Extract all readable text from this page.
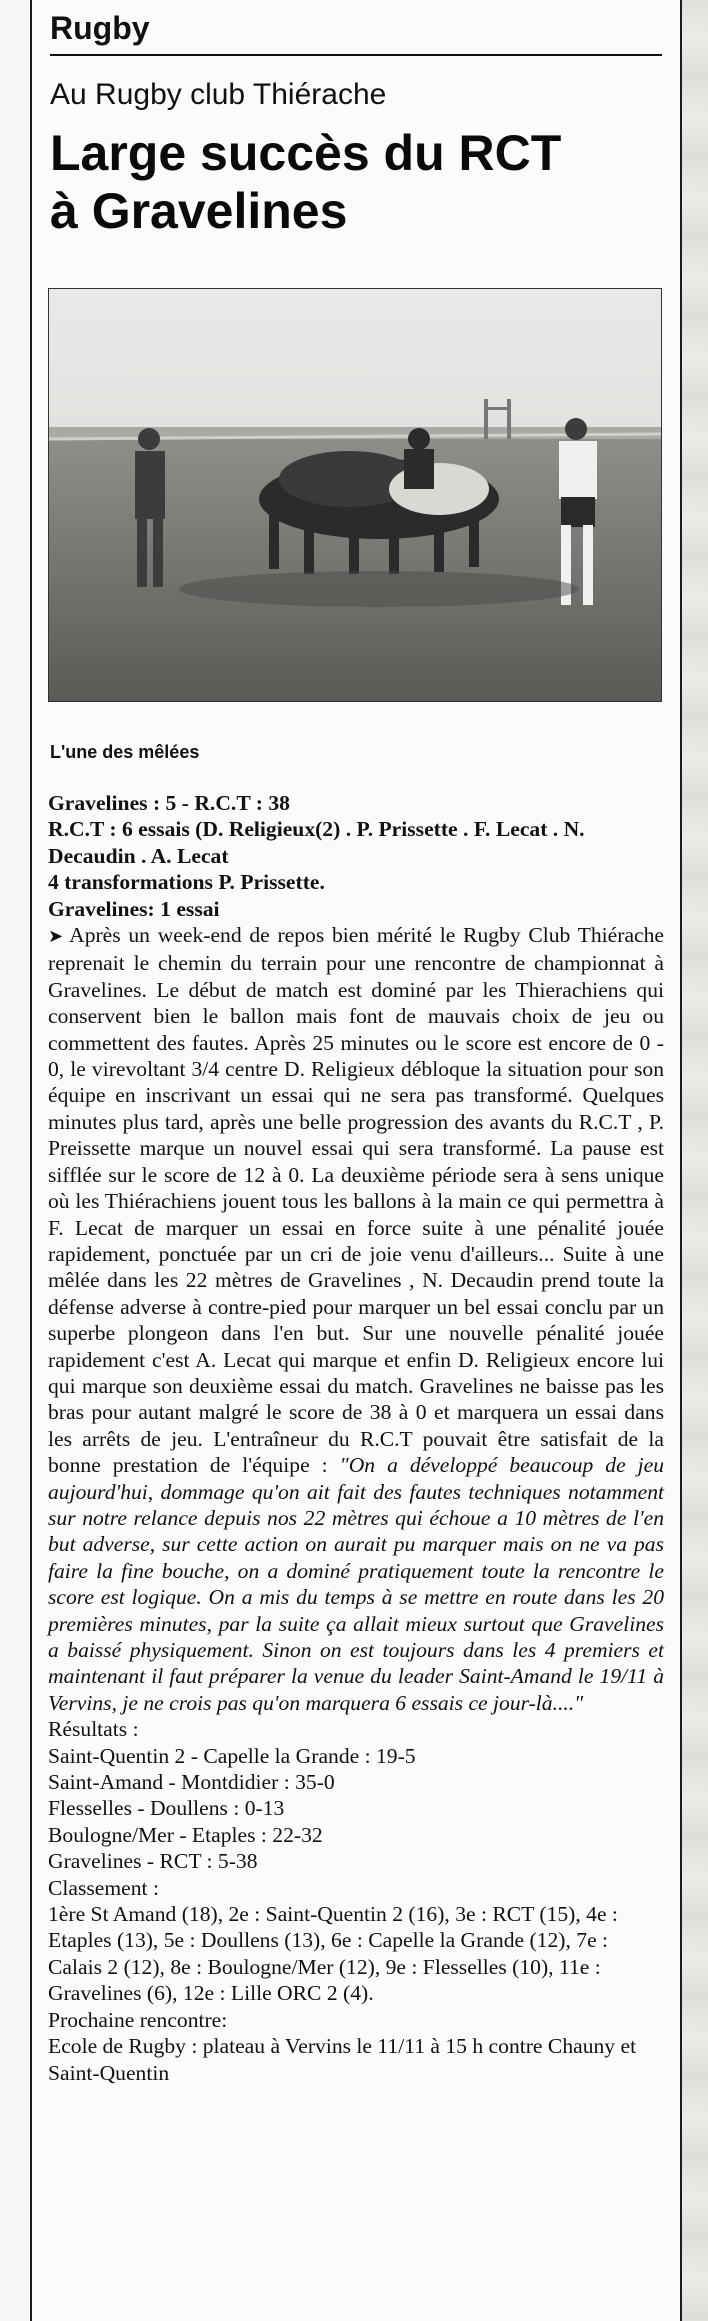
Rugby
Au Rugby club Thiérache
Large succès du RCT
à Gravelines
L'une des mêlées

Gravelines : 5 - R.C.T : 38
R.C.T : 6 essais (D. Religieux(2) . P. Prissette . F. Lecat . N. Decaudin . A. Lecat
4 transformations P. Prissette.
Gravelines: 1 essai

➤ Après un week-end de repos bien mérité le Rugby Club Thiérache reprenait le chemin du terrain pour une rencontre de championnat à Gravelines. Le début de match est dominé par les Thierachiens qui conservent bien le ballon mais font de mauvais choix de jeu ou commettent des fautes. Après 25 minutes ou le score est encore de 0 - 0, le virevoltant 3/4 centre D. Religieux débloque la situation pour son équipe en inscrivant un essai qui ne sera pas transformé. Quelques minutes plus tard, après une belle progression des avants du R.C.T , P. Preissette marque un nouvel essai qui sera transformé. La pause est sifflée sur le score de 12 à 0. La deuxième période sera à sens unique où les Thiérachiens jouent tous les ballons à la main ce qui permettra à F. Lecat de marquer un essai en force suite à une pénalité jouée rapidement, ponctuée par un cri de joie venu d'ailleurs... Suite à une mêlée dans les 22 mètres de Gravelines , N. Decaudin prend toute la défense adverse à contre-pied pour marquer un bel essai conclu par un superbe plongeon dans l'en but. Sur une nouvelle pénalité jouée rapidement c'est A. Lecat qui marque et enfin D. Religieux encore lui qui marque son deuxième essai du match. Gravelines ne baisse pas les bras pour autant malgré le score de 38 à 0 et marquera un essai dans les arrêts de jeu. L'entraîneur du R.C.T pouvait être satisfait de la bonne prestation de l'équipe : "On a développé beaucoup de jeu aujourd'hui, dommage qu'on ait fait des fautes techniques notamment sur notre relance depuis nos 22 mètres qui échoue a 10 mètres de l'en but adverse, sur cette action on aurait pu marquer mais on ne va pas faire la fine bouche, on a dominé pratiquement toute la rencontre le score est logique. On a mis du temps à se mettre en route dans les 20 premières minutes, par la suite ça allait mieux surtout que Gravelines a baissé physiquement. Sinon on est toujours dans les 4 premiers et maintenant il faut préparer la venue du leader Saint-Amand le 19/11 à Vervins, je ne crois pas qu'on marquera 6 essais ce jour-là...."

Résultats :
Saint-Quentin 2 - Capelle la Grande : 19-5
Saint-Amand - Montdidier : 35-0
Flesselles - Doullens : 0-13
Boulogne/Mer - Etaples : 22-32
Gravelines - RCT : 5-38

Classement :
1ère St Amand (18), 2e : Saint-Quentin 2 (16), 3e : RCT (15), 4e : Etaples (13), 5e : Doullens (13), 6e : Capelle la Grande (12), 7e : Calais 2 (12), 8e : Boulogne/Mer (12), 9e : Flesselles (10), 11e : Gravelines (6), 12e : Lille ORC 2 (4).

Prochaine rencontre:
Ecole de Rugby : plateau à Vervins le 11/11 à 15 h contre Chauny et Saint-Quentin
